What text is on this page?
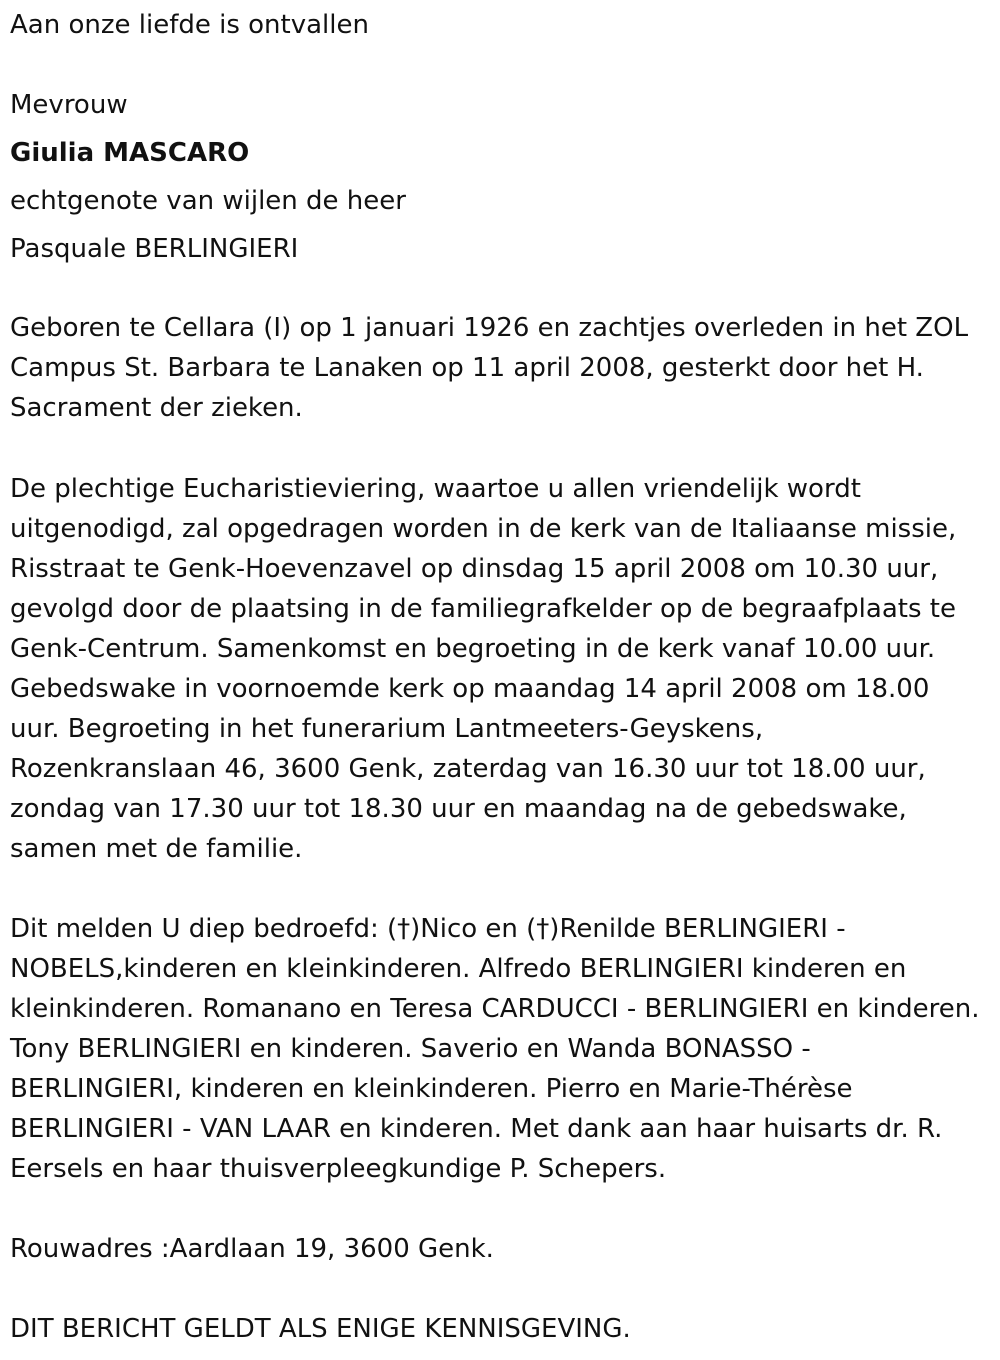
Aan onze liefde is ontvallen

Mevrouw

Giulia MASCARO

echtgenote van wijlen de heer

Pasquale BERLINGIERI

Geboren te Cellara (I) op 1 januari 1926 en zachtjes overleden in het ZOL

Campus St. Barbara te Lanaken op 11 april 2008, gesterkt door het H.

Sacrament der zieken.

De plechtige Eucharistieviering, waartoe u allen vriendelijk wordt

uitgenodigd, zal opgedragen worden in de kerk van de Italiaanse missie,

Risstraat te Genk-Hoevenzavel op dinsdag 15 april 2008 om 10.30 uur,

gevolgd door de plaatsing in de familiegrafkelder op de begraafplaats te

Genk-Centrum. Samenkomst en begroeting in de kerk vanaf 10.00 uur.

Gebedswake in voornoemde kerk op maandag 14 april 2008 om 18.00

uur. Begroeting in het funerarium Lantmeeters-Geyskens,

Rozenkranslaan 46, 3600 Genk, zaterdag van 16.30 uur tot 18.00 uur,

zondag van 17.30 uur tot 18.30 uur en maandag na de gebedswake,

samen met de familie.

Dit melden U diep bedroefd: (†)Nico en (†)Renilde BERLINGIERI -

NOBELS,kinderen en kleinkinderen. Alfredo BERLINGIERI kinderen en

kleinkinderen. Romanano en Teresa CARDUCCI - BERLINGIERI en kinderen.

Tony BERLINGIERI en kinderen. Saverio en Wanda BONASSO -

BERLINGIERI, kinderen en kleinkinderen. Pierro en Marie-Thérèse

BERLINGIERI - VAN LAAR en kinderen. Met dank aan haar huisarts dr. R.

Eersels en haar thuisverpleegkundige P. Schepers.

Rouwadres :Aardlaan 19, 3600 Genk.

DIT BERICHT GELDT ALS ENIGE KENNISGEVING.
